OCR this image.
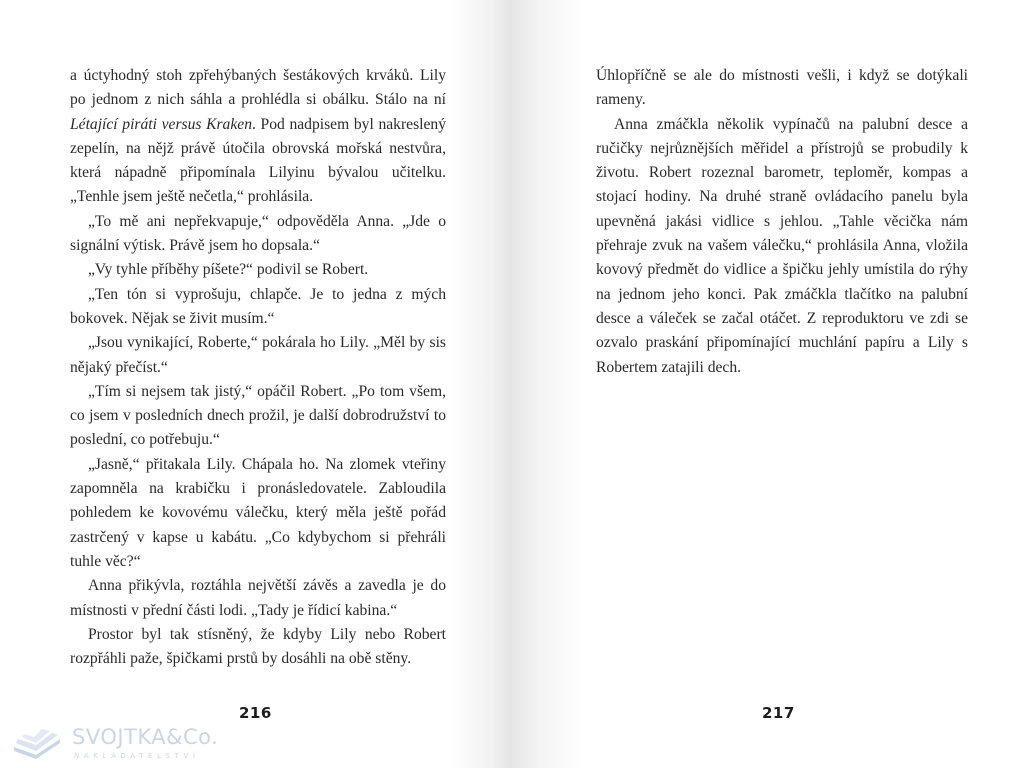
a úctyhodný stoh zpřehýbaných šestákových krváků. Lily po jednom z nich sáhla a prohlédla si obálku. Stálo na ní Létající piráti versus Kraken. Pod nadpisem byl nakreslený zepelín, na nějž právě útočila obrovská mořská nestvůra, která nápadně připomínala Lilyinu bývalou učitelku. „Tenhle jsem ještě nečetla,“ prohlásila.

„To mě ani nepřekvapuje,“ odpověděla Anna. „Jde o signální výtisk. Právě jsem ho dopsala.“

„Vy tyhle příběhy píšete?“ podivil se Robert.

„Ten tón si vyprošuju, chlapče. Je to jedna z mých bokovek. Nějak se živit musím.“

„Jsou vynikající, Roberte,“ pokárala ho Lily. „Měl by sis nějaký přečíst.“

„Tím si nejsem tak jistý,“ opáčil Robert. „Po tom všem, co jsem v posledních dnech prožil, je další dobrodružství to poslední, co potřebuju.“

„Jasně,“ přitakala Lily. Chápala ho. Na zlomek vteřiny zapomněla na krabičku i pronásledovatele. Zabloudila pohledem ke kovovému válečku, který měla ještě pořád zastrčený v kapse u kabátu. „Co kdybychom si přehráli tuhle věc?“

Anna přikývla, roztáhla největší závěs a zavedla je do místnosti v přední části lodi. „Tady je řídicí kabina.“

Prostor byl tak stísněný, že kdyby Lily nebo Robert rozpřáhli paže, špičkami prstů by dosáhli na obě stěny.

216

Úhlopříčně se ale do místnosti vešli, i když se dotýkali rameny.

Anna zmáčkla několik vypínačů na palubní desce a ručičky nejrůznějších měřidel a přístrojů se probudily k životu. Robert rozeznal barometr, teploměr, kompas a stojací hodiny. Na druhé straně ovládacího panelu byla upevněná jakási vidlice s jehlou. „Tahle věcička nám přehraje zvuk na vašem válečku,“ prohlásila Anna, vložila kovový předmět do vidlice a špičku jehly umístila do rýhy na jednom jeho konci. Pak zmáčkla tlačítko na palubní desce a váleček se začal otáčet. Z reproduktoru ve zdi se ozvalo praskání připomínající muchlání papíru a Lily s Robertem zatajili dech.

217
SVOJTKA&Co.
NAKLADATELSTVÍ
